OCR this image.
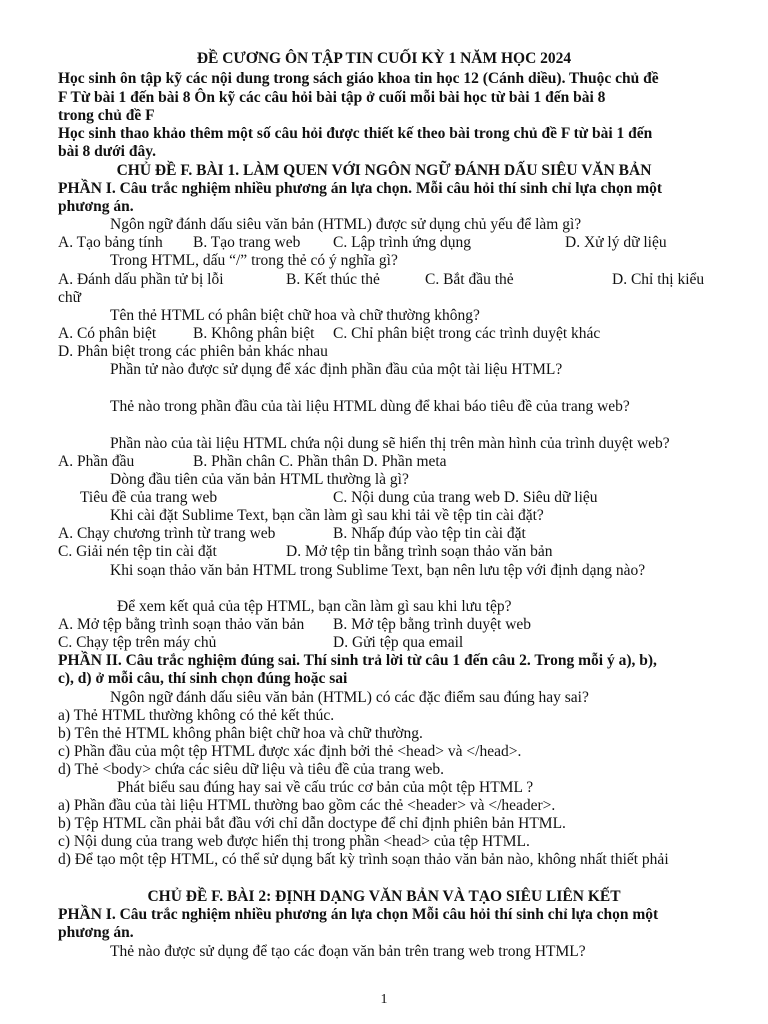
ĐỀ CƯƠNG ÔN TẬP TIN CUỐI KỲ 1 NĂM HỌC 2024
Học sinh ôn tập kỹ các nội dung trong sách giáo khoa tin học 12 (Cánh diều). Thuộc chủ đề
F Từ bài 1 đến bài 8 Ôn kỹ các câu hỏi bài tập ở cuối mỗi bài học từ bài 1 đến bài 8
trong chủ đề F
Học sinh thao khảo thêm một số câu hỏi được thiết kế theo bài trong chủ đề F từ bài 1 đến
bài 8 dưới đây.
CHỦ ĐỀ F. BÀI 1. LÀM QUEN VỚI NGÔN NGỮ ĐÁNH DẤU SIÊU VĂN BẢN
PHẦN I. Câu trắc nghiệm nhiều phương án lựa chọn. Mỗi câu hỏi thí sinh chỉ lựa chọn một
phương án.
Ngôn ngữ đánh dấu siêu văn bản (HTML) được sử dụng chủ yếu để làm gì?
A. Tạo bảng tính B. Tạo trang web C. Lập trình ứng dụng	D. Xử lý dữ liệu
Trong HTML, dấu “/” trong thẻ có ý nghĩa gì?
A. Đánh dấu phần tử bị lỗi	B. Kết thúc thẻ	C. Bắt đầu thẻ	D. Chỉ thị kiểu
chữ
Tên thẻ HTML có phân biệt chữ hoa và chữ thường không?
A. Có phân biệt B. Không phân biệt C. Chỉ phân biệt trong các trình duyệt khác
D. Phân biệt trong các phiên bản khác nhau
Phần tử nào được sử dụng để xác định phần đầu của một tài liệu HTML?
Thẻ nào trong phần đầu của tài liệu HTML dùng để khai báo tiêu đề của trang web?
Phần nào của tài liệu HTML chứa nội dung sẽ hiển thị trên màn hình của trình duyệt web?
A. Phần đầu	B. Phần chân C. Phần thân D. Phần meta
Dòng đầu tiên của văn bản HTML thường là gì?
Tiêu đề của trang web	C. Nội dung của trang web D. Siêu dữ liệu
Khi cài đặt Sublime Text, bạn cần làm gì sau khi tải về tệp tin cài đặt?
A. Chạy chương trình từ trang web	B. Nhấp đúp vào tệp tin cài đặt
C. Giải nén tệp tin cài đặt	D. Mở tệp tin bằng trình soạn thảo văn bản
Khi soạn thảo văn bản HTML trong Sublime Text, bạn nên lưu tệp với định dạng nào?
Để xem kết quả của tệp HTML, bạn cần làm gì sau khi lưu tệp?
A. Mở tệp bằng trình soạn thảo văn bản B. Mở tệp bằng trình duyệt web
C. Chạy tệp trên máy chủ	D. Gửi tệp qua email
PHẦN II. Câu trắc nghiệm đúng sai. Thí sinh trả lời từ câu 1 đến câu 2. Trong mỗi ý a), b),
c), d) ở mỗi câu, thí sinh chọn đúng hoặc sai
Ngôn ngữ đánh dấu siêu văn bản (HTML) có các đặc điểm sau đúng hay sai?
a) Thẻ HTML thường không có thẻ kết thúc.
b) Tên thẻ HTML không phân biệt chữ hoa và chữ thường.
c) Phần đầu của một tệp HTML được xác định bởi thẻ <head> và </head>.
d) Thẻ <body> chứa các siêu dữ liệu và tiêu đề của trang web.
Phát biểu sau đúng hay sai về cấu trúc cơ bản của một tệp HTML ?
a) Phần đầu của tài liệu HTML thường bao gồm các thẻ <header> và </header>.
b) Tệp HTML cần phải bắt đầu với chỉ dẫn doctype để chỉ định phiên bản HTML.
c) Nội dung của trang web được hiển thị trong phần <head> của tệp HTML.
d) Để tạo một tệp HTML, có thể sử dụng bất kỳ trình soạn thảo văn bản nào, không nhất thiết phải
CHỦ ĐỀ F. BÀI 2: ĐỊNH DẠNG VĂN BẢN VÀ TẠO SIÊU LIÊN KẾT
PHẦN I. Câu trắc nghiệm nhiều phương án lựa chọn Mỗi câu hỏi thí sinh chỉ lựa chọn một
phương án.
Thẻ nào được sử dụng để tạo các đoạn văn bản trên trang web trong HTML?
1
